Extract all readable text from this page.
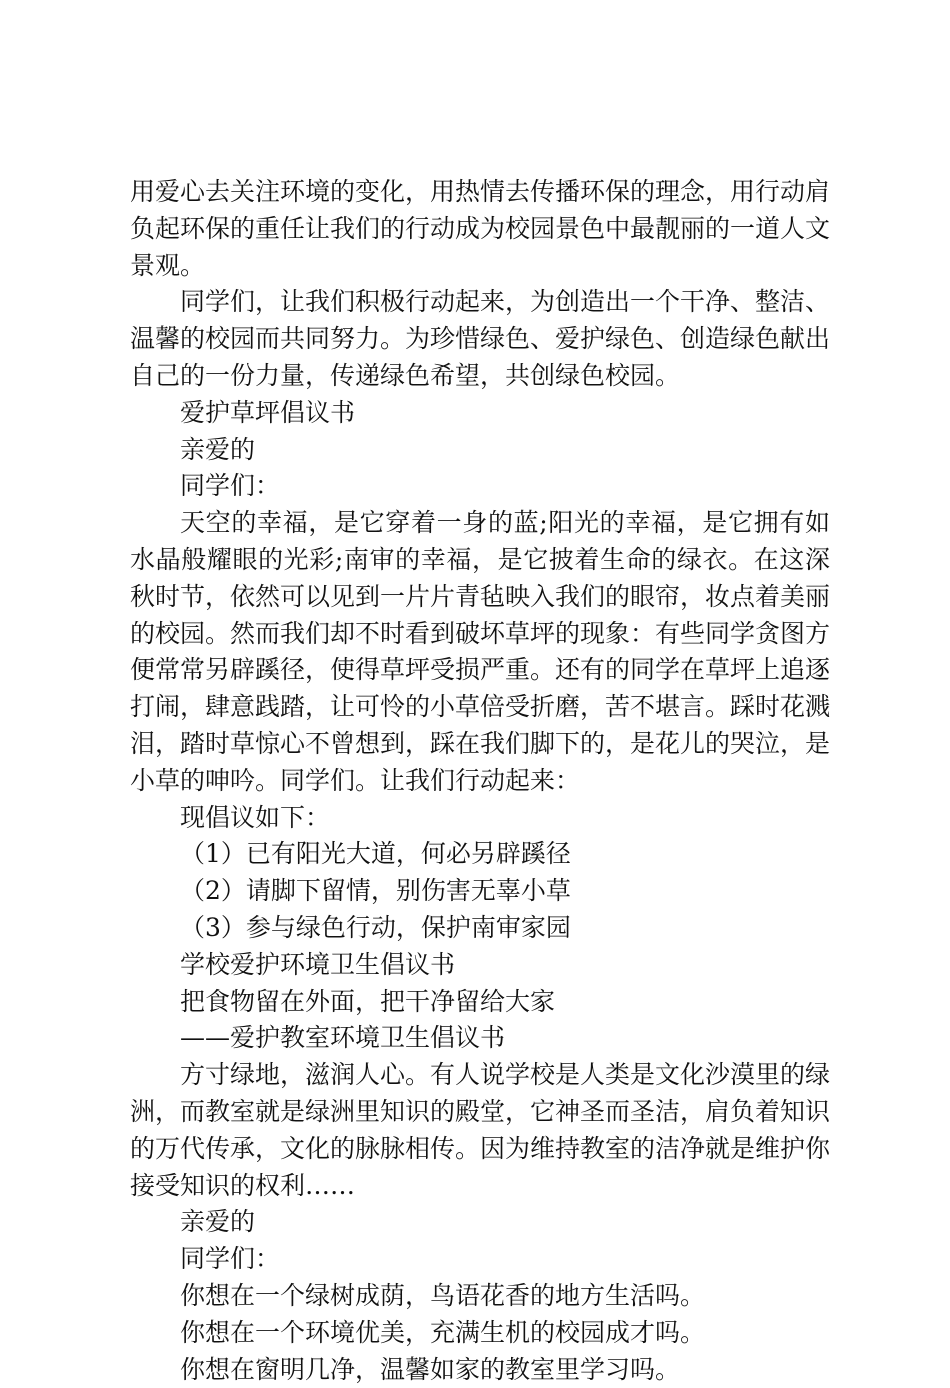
用爱心去关注环境的变化，用热情去传播环保的理念，用行动肩负起环保的重任让我们的行动成为校园景色中最靓丽的一道人文景观。

同学们，让我们积极行动起来，为创造出一个干净、整洁、温馨的校园而共同努力。为珍惜绿色、爱护绿色、创造绿色献出自己的一份力量，传递绿色希望，共创绿色校园。

爱护草坪倡议书

亲爱的

同学们：

天空的幸福，是它穿着一身的蓝;阳光的幸福，是它拥有如水晶般耀眼的光彩;南审的幸福，是它披着生命的绿衣。在这深秋时节，依然可以见到一片片青毡映入我们的眼帘，妆点着美丽的校园。然而我们却不时看到破坏草坪的现象：有些同学贪图方便常常另辟蹊径，使得草坪受损严重。还有的同学在草坪上追逐打闹，肆意践踏，让可怜的小草倍受折磨，苦不堪言。踩时花溅泪，踏时草惊心不曾想到，踩在我们脚下的，是花儿的哭泣，是小草的呻吟。同学们。让我们行动起来：

现倡议如下：

（1）已有阳光大道，何必另辟蹊径

（2）请脚下留情，别伤害无辜小草

（3）参与绿色行动，保护南审家园

学校爱护环境卫生倡议书

把食物留在外面，把干净留给大家

——爱护教室环境卫生倡议书

方寸绿地，滋润人心。有人说学校是人类是文化沙漠里的绿洲，而教室就是绿洲里知识的殿堂，它神圣而圣洁，肩负着知识的万代传承，文化的脉脉相传。因为维持教室的洁净就是维护你接受知识的权利……

亲爱的

同学们：

你想在一个绿树成荫，鸟语花香的地方生活吗。

你想在一个环境优美，充满生机的校园成才吗。

你想在窗明几净，温馨如家的教室里学习吗。
